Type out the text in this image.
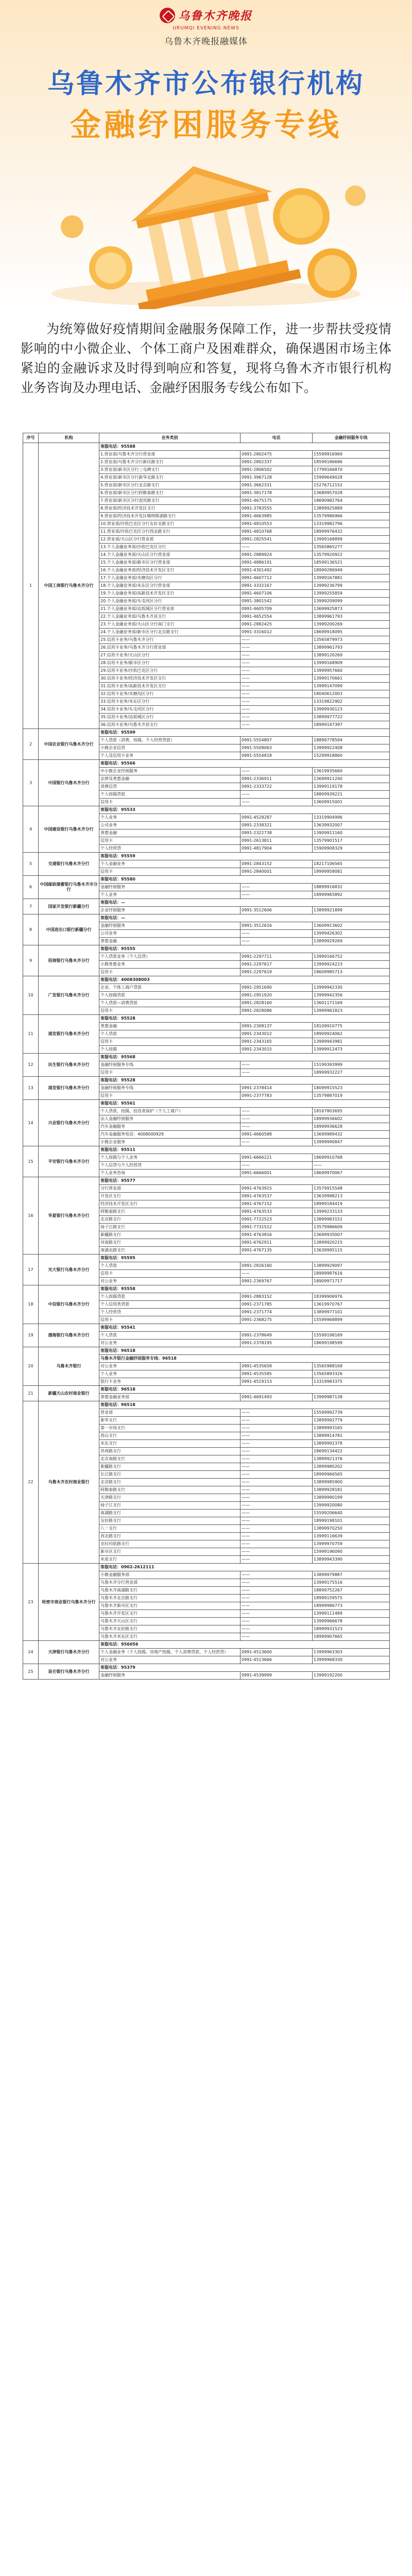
乌鲁木齐晚报
URUMQI EVENING NEWS
乌鲁木齐晚报融媒体
乌鲁木齐市公布银行机构
金融纾困服务专线
为统筹做好疫情期间金融服务保障工作，进一步帮扶受疫情影响的中小微企业、个体工商户及困难群众，确保遇困市场主体紧迫的金融诉求及时得到响应和答复，现将乌鲁木齐市银行机构业务咨询及办理电话、金融纾困服务专线公布如下。
序号	机构	业务类别	电话	金融纾困服务专线
1	中国工商银行乌鲁木齐分行	客服电话：95588		
		1.营业部/乌鲁木齐分行营业部	0991-2802475	15599916969
		2.营业部/乌鲁木齐分行新民路支行	0991-2802337	18599186686
		3.营业部/新市区分行三屯碑支行	0991-2806502	17799166870
		4.营业部/新市区分行新华北路支行	0991-3967128	15999649028
		5.营业部/新市区分行北京路支行	0991-3662331	15276712152
		6.营业部/新市区分行阿勒泰路支行	0991-3817178	13689957028
		7.营业部/新市区分行迎宾路支行	0991-4675175	18690982764
		8.营业部/经济技术开发区支行	0991-3783555	13899925889
		9.营业部/经济技术开发区喀纳斯湖路支行	0991-4663985	13579986966
		10.营业部/沙依巴克区分行友好北路支行	0991-4810553	13319982796
		11.营业部/沙依巴克区分行西北路支行	0991-4810768	18999976432
		12.营业部/天山区分行营业部	0991-2825541	13999168899
		13.个人金融业务部/沙依巴克区分行	——	13565865277
		14.个人金融业务部/天山区分行营业部	0991-2889924	13579920922
		15.个人金融业务部/新市区分行营业部	0991-4886191	18599136521
		16.个人金融业务部/经济技术开发区支行	0991-4301492	18999286949
		17.个人金融业务部/水磨沟区分行	0991-4607712	13999167881
		18.个人金融业务部/米东区分行营业部	0991-3332167	13999236799
		19.个人金融业务部/高新技术开发区支行	0991-4607106	13999255859
		20.个人金融业务部/头屯河区分行	0991-3801542	13999209099
		21.个人金融业务部/达坂城区分行营业部	0991-4605709	13699925873
		22.个人金融业务部/乌鲁木齐县支行	0991-4652554	13899961793
		23.个人金融业务部/天山区分行南门支行	0991-2882425	13999200269
		24.个人金融业务部/新市区分行北京路支行	0991-3316012	18699918095
		25.信用卡业务/乌鲁木齐分行	——	13565879973
		26.信用卡业务/乌鲁木齐分行营业部	——	13899961793
		27.信用卡业务/天山区分行	——	13899120269
		28.信用卡业务/新市区分行	——	13999168909
		29.信用卡业务/沙依巴克区分行	——	13999957660
		30.信用卡业务/经济技术开发区支行	——	13999170661
		31.信用卡业务/高新技术开发区支行	——	13999147099
		32.信用卡业务/水磨沟区分行	——	18040612003
		33.信用卡业务/米东区分行	——	13319822902
		34.信用卡业务/头屯河区分行	——	13999930123
		35.信用卡业务/达坂城区分行	——	13899977722
		36.信用卡业务/乌鲁木齐县支行	——	18999147397
2	中国农业银行乌鲁木齐分行	客服电话：95599		
		个人贷款（消费、按揭、个人经营贷款）	0991-5554807	18899778594
		小微企业信贷	0991-5509063	13999922408
		个人及信用卡业务	0991-5554818	15299918860
3	中国银行乌鲁木齐分行	客服电话：95566		
		中小微企业纾困服务	——	13619935660
		法律及普惠金融	0991-2336911	13699911240
		消费信贷	0991-2333722	13999119178
		个人按揭贷款	——	18809939221
		信用卡	——	13609915001
4	中国建设银行乌鲁木齐分行	客服电话：95533		
		个人业务	0991-4528287	13319904996
		公司业务	0991-2338321	13639932007
		普惠金融	0991-2322738	13909911160
		信用卡	0991-2613811	13579901517
		个人经营贷	0991-4817904	15909908329
5	交通银行乌鲁木齐分行	客服电话：95559		
		个人金融业务	0991-2843152	18217106565
		信用卡	0991-2840001	18999958081
6	中国邮政储蓄银行乌鲁木齐市分行	客服电话：95580		
		金融纾困服务	——	18899916832
		个人业务	——	18999965892
7	国家开发银行新疆分行	客服电话：—		
		企业纾困服务	0991-3512606	13899921899
8	中国进出口银行新疆分行	客服电话：—		
		金融纾困服务	0991-3512616	13609913602
		公司业务	——	13999426302
		普惠金融	——	13899929269
9	招商银行乌鲁木齐分行	客服电话：95555		
		个人贷款业务（个人信贷）	0991-2297711	13999166752
		小微普惠业务	0991-2297617	13999924223
		信用卡	0991-2297619	18609985713
10	广发银行乌鲁木齐分行	客服电话：4008308003		
		企业、个体工商户贷款	0991-2951690	13999942330
		个人按揭贷款	0991-2951920	13999942356
		个人贷款—消费贷款	0991-2828160	13601171169
		信用卡	0991-2828086	13999961823
11	浦发银行乌鲁木齐分行	客服电话：95528		
		普惠金融	0991-2308137	18109910775
		个人贷款	0991-2343012	18909924062
		信用卡	0991-2343165	13999943981
		个人按揭	0991-2343015	13999912473
12	民生银行乌鲁木齐分行	客服电话：95568		
		金融纾困服务专线	——	15199393999
		信用卡	——	18999932227
13	浦发银行乌鲁木齐分行	客服电话：95528		
		金融纾困服务专线	0991-2378414	18099915523
		信用卡	0991-2377783	13579887019
14	兴业银行乌鲁木齐分行	客服电话：95561		
		个人贷款、按揭、投资者保护（个人工商户）	——	18167803695
		法人金融纾困服务	——	18999936602
		汽车金融服务	——	18999936628
		汽车金融服务电话：4008000929	0991-4660588	13699989432
		小微企业服务	——	13999990847
15	平安银行乌鲁木齐分行	客服电话：95511		
		个人按揭与个人业务	0991-6666221	18699910768
		个人信贷与个人经营贷	——	——
		个人业务咨询	0991-6666001	18699970067
16	华夏银行乌鲁木齐分行	客服电话：95577		
		分行营业部	0991-4763915	13579915548
		开发区支行	0991-4763537	13639998213
		经济技术开发区支行	0991-4767152	18999184419
		阿勒泰路支行	0991-4763533	13999233133
		北京路支行	0991-7722523	13899983151
		扬子江路支行	0991-7731512	13579986609
		新疆路支行	0991-4763816	13699935007
		河南路支行	0991-6762911	13899920215
		南湖北路支行	0991-4767135	13639995115
17	光大银行乌鲁木齐分行	客服电话：95595		
		个人贷款	0991-2826160	13899929097
		信用卡	——	18999987616
		对公业务	0991-2369767	18909971717
18	中信银行乌鲁木齐分行	客服电话：95558		
		个人按揭贷款	0991-2883152	18399906976
		个人信用类贷款	0991-2371785	13619970767
		个人经营贷	0991-2371774	13899977101
		信用卡	0991-2368275	15599968899
19	渤海银行乌鲁木齐分行	客服电话：95541		
		个人贷款	0991-2378649	15599198169
		对公业务	0991-2378195	18699198599
20	乌鲁木齐银行	客服电话：96518		
		乌鲁木齐银行金融纾困服务专线：96518		
		对公业务	0991-4535658	13565988168
		个人业务	0991-4535585	13565893326
		银行卡业务	0991-4519153	13319983375
21	新疆天山农村商业银行	客服电话：96518		
		普惠金融业务部	0991-4691493	13999987138
22	乌鲁木齐农村商业银行	客服电话：96518		
		营业部	——	15599992739
		新华支行	——	13899992779
		第一市场支行	——	13899993165
		西山支行	——	13899914781
		米东支行	——	13899992378
		苏州路支行	——	18699134422
		北京南路支行	——	13899921376
		新疆路支行	——	13899980202
		长江路支行	——	18999966565
		北京路支行	——	13899985900
		阿勒泰路支行	——	13899928181
		天津路支行	——	13899990199
		扬子江支行	——	13999920080
		南湖路支行	——	15599206640
		友好路支行	——	18999198101
		八一支行	——	13899970250
		西北路支行	——	13999116639
		克拉玛依路支行	——	13999970759
		新市区支行	——	15999196090
		米泉支行	——	13899943390
23	哈密市商业银行乌鲁木齐分行	客服电话：0902-2612111		
		小微金融服务部	——	13899979887
		乌鲁木齐分行营业部	——	13999175516
		乌鲁木齐南湖路支行	——	18899752267
		乌鲁木齐北京路支行	——	18999159575
		乌鲁木齐新市区支行	——	18999986773
		乌鲁木齐开发区支行	——	13999111489
		乌鲁木齐天山区支行	——	13999966678
		乌鲁木齐友好路支行	——	18999931523
		乌鲁木齐米东区支行	——	18999907665
24	天津银行乌鲁木齐分行	客服电话：956056		
		个人金融业务（个人按揭、房地产按揭、个人消费贷款、个人经营贷）	0991-4513600	13999963303
		对公业务	0991-4513666	13999968330
25	昆仑银行乌鲁木齐分行	客服电话：95379		
		金融纾困服务	0991-4539999	13999192200
